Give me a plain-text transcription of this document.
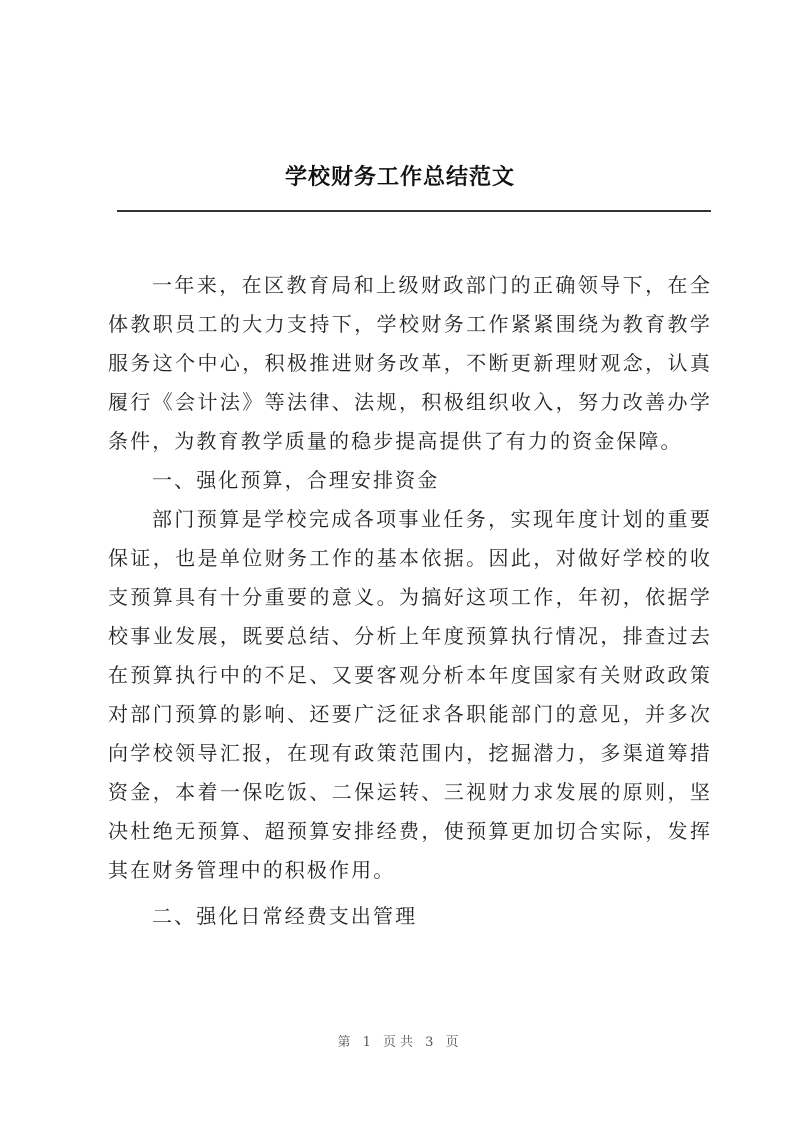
学校财务工作总结范文

一年来，在区教育局和上级财政部门的正确领导下，在全体教职员工的大力支持下，学校财务工作紧紧围绕为教育教学服务这个中心，积极推进财务改革，不断更新理财观念，认真履行《会计法》等法律、法规，积极组织收入，努力改善办学条件，为教育教学质量的稳步提高提供了有力的资金保障。

一、强化预算，合理安排资金

部门预算是学校完成各项事业任务，实现年度计划的重要保证，也是单位财务工作的基本依据。因此，对做好学校的收支预算具有十分重要的意义。为搞好这项工作，年初，依据学校事业发展，既要总结、分析上年度预算执行情况，排查过去在预算执行中的不足、又要客观分析本年度国家有关财政政策对部门预算的影响、还要广泛征求各职能部门的意见，并多次向学校领导汇报，在现有政策范围内，挖掘潜力，多渠道筹措资金，本着一保吃饭、二保运转、三视财力求发展的原则，坚决杜绝无预算、超预算安排经费，使预算更加切合实际，发挥其在财务管理中的积极作用。

二、强化日常经费支出管理

第 1 页共 3 页
